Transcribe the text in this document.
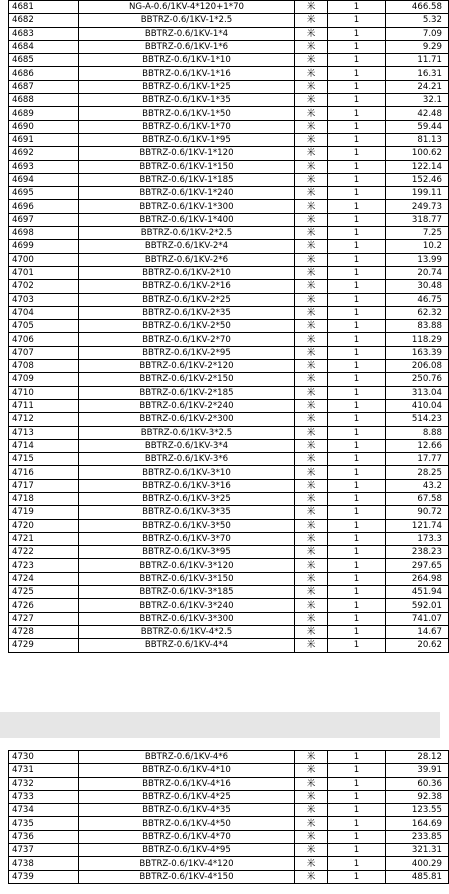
4681	NG-A-0.6/1KV-4*120+1*70	米	1	466.58
4682	BBTRZ-0.6/1KV-1*2.5	米	1	5.32
4683	BBTRZ-0.6/1KV-1*4	米	1	7.09
4684	BBTRZ-0.6/1KV-1*6	米	1	9.29
4685	BBTRZ-0.6/1KV-1*10	米	1	11.71
4686	BBTRZ-0.6/1KV-1*16	米	1	16.31
4687	BBTRZ-0.6/1KV-1*25	米	1	24.21
4688	BBTRZ-0.6/1KV-1*35	米	1	32.1
4689	BBTRZ-0.6/1KV-1*50	米	1	42.48
4690	BBTRZ-0.6/1KV-1*70	米	1	59.44
4691	BBTRZ-0.6/1KV-1*95	米	1	81.13
4692	BBTRZ-0.6/1KV-1*120	米	1	100.62
4693	BBTRZ-0.6/1KV-1*150	米	1	122.14
4694	BBTRZ-0.6/1KV-1*185	米	1	152.46
4695	BBTRZ-0.6/1KV-1*240	米	1	199.11
4696	BBTRZ-0.6/1KV-1*300	米	1	249.73
4697	BBTRZ-0.6/1KV-1*400	米	1	318.77
4698	BBTRZ-0.6/1KV-2*2.5	米	1	7.25
4699	BBTRZ-0.6/1KV-2*4	米	1	10.2
4700	BBTRZ-0.6/1KV-2*6	米	1	13.99
4701	BBTRZ-0.6/1KV-2*10	米	1	20.74
4702	BBTRZ-0.6/1KV-2*16	米	1	30.48
4703	BBTRZ-0.6/1KV-2*25	米	1	46.75
4704	BBTRZ-0.6/1KV-2*35	米	1	62.32
4705	BBTRZ-0.6/1KV-2*50	米	1	83.88
4706	BBTRZ-0.6/1KV-2*70	米	1	118.29
4707	BBTRZ-0.6/1KV-2*95	米	1	163.39
4708	BBTRZ-0.6/1KV-2*120	米	1	206.08
4709	BBTRZ-0.6/1KV-2*150	米	1	250.76
4710	BBTRZ-0.6/1KV-2*185	米	1	313.04
4711	BBTRZ-0.6/1KV-2*240	米	1	410.04
4712	BBTRZ-0.6/1KV-2*300	米	1	514.23
4713	BBTRZ-0.6/1KV-3*2.5	米	1	8.88
4714	BBTRZ-0.6/1KV-3*4	米	1	12.66
4715	BBTRZ-0.6/1KV-3*6	米	1	17.77
4716	BBTRZ-0.6/1KV-3*10	米	1	28.25
4717	BBTRZ-0.6/1KV-3*16	米	1	43.2
4718	BBTRZ-0.6/1KV-3*25	米	1	67.58
4719	BBTRZ-0.6/1KV-3*35	米	1	90.72
4720	BBTRZ-0.6/1KV-3*50	米	1	121.74
4721	BBTRZ-0.6/1KV-3*70	米	1	173.3
4722	BBTRZ-0.6/1KV-3*95	米	1	238.23
4723	BBTRZ-0.6/1KV-3*120	米	1	297.65
4724	BBTRZ-0.6/1KV-3*150	米	1	264.98
4725	BBTRZ-0.6/1KV-3*185	米	1	451.94
4726	BBTRZ-0.6/1KV-3*240	米	1	592.01
4727	BBTRZ-0.6/1KV-3*300	米	1	741.07
4728	BBTRZ-0.6/1KV-4*2.5	米	1	14.67
4729	BBTRZ-0.6/1KV-4*4	米	1	20.62
4730	BBTRZ-0.6/1KV-4*6	米	1	28.12
4731	BBTRZ-0.6/1KV-4*10	米	1	39.91
4732	BBTRZ-0.6/1KV-4*16	米	1	60.36
4733	BBTRZ-0.6/1KV-4*25	米	1	92.38
4734	BBTRZ-0.6/1KV-4*35	米	1	123.55
4735	BBTRZ-0.6/1KV-4*50	米	1	164.69
4736	BBTRZ-0.6/1KV-4*70	米	1	233.85
4737	BBTRZ-0.6/1KV-4*95	米	1	321.31
4738	BBTRZ-0.6/1KV-4*120	米	1	400.29
4739	BBTRZ-0.6/1KV-4*150	米	1	485.81
